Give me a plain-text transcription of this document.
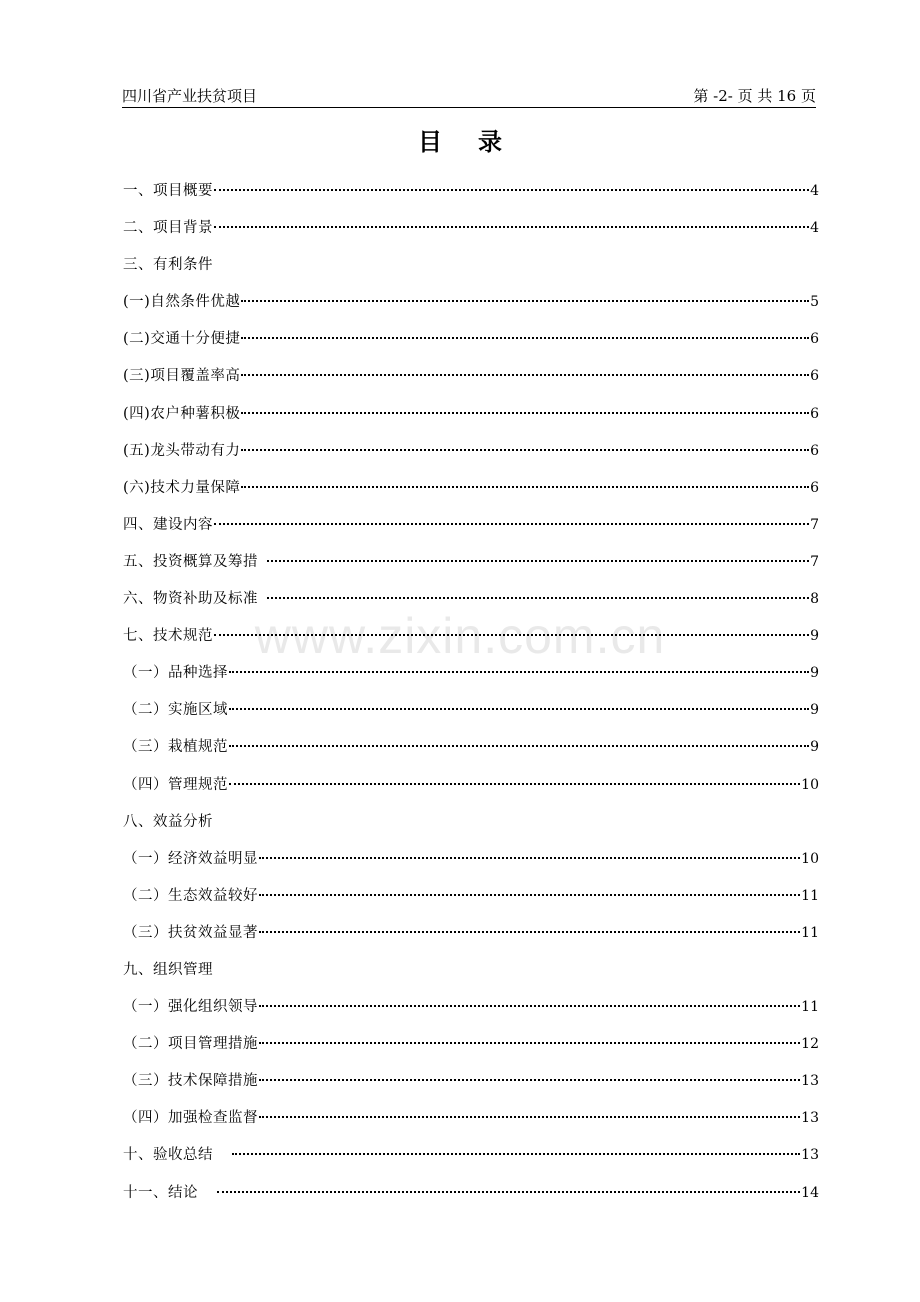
四川省产业扶贫项目	第 -2- 页 共 16 页
目录
www.zixin.com.cn
一、项目概要	4
二、项目背景	4
三、有利条件
(一)自然条件优越	5
(二)交通十分便捷	6
(三)项目覆盖率高	6
(四)农户种薯积极	6
(五)龙头带动有力	6
(六)技术力量保障	6
四、建设内容	7
五、投资概算及筹措	7
六、物资补助及标准	8
七、技术规范	9
（一）品种选择	9
（二）实施区域	9
（三）栽植规范	9
（四）管理规范	10
八、效益分析
（一）经济效益明显	10
（二）生态效益较好	11
（三）扶贫效益显著	11
九、组织管理
（一）强化组织领导	11
（二）项目管理措施	12
（三）技术保障措施	13
（四）加强检查监督	13
十、验收总结	13
十一、结论	14
